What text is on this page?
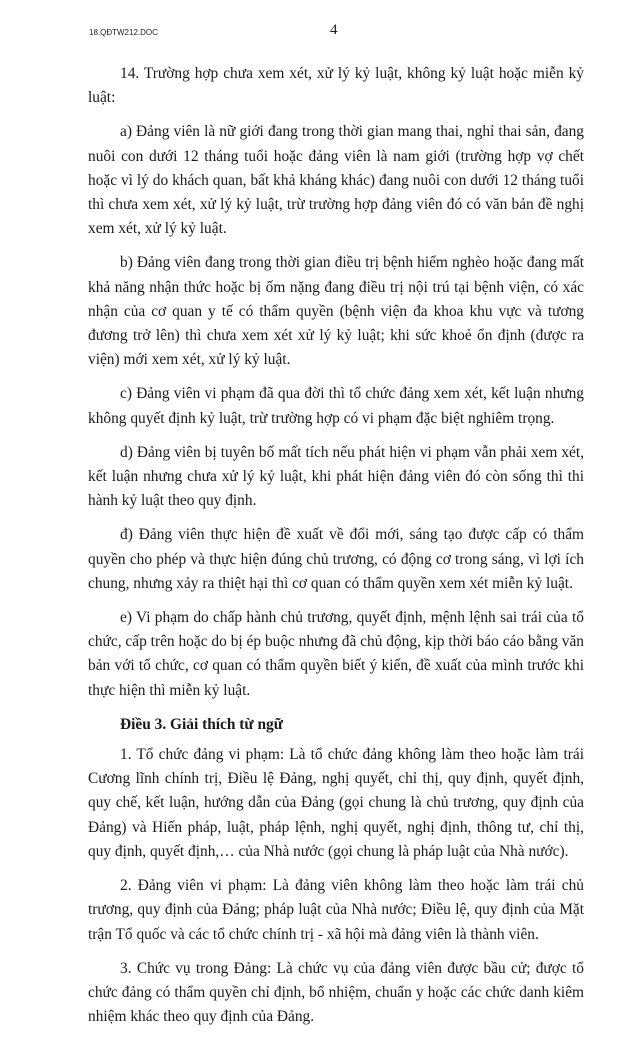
18.QĐTW212.DOC	4

14. Trường hợp chưa xem xét, xử lý kỷ luật, không kỷ luật hoặc miễn kỷ luật:

a) Đảng viên là nữ giới đang trong thời gian mang thai, nghỉ thai sản, đang nuôi con dưới 12 tháng tuổi hoặc đảng viên là nam giới (trường hợp vợ chết hoặc vì lý do khách quan, bất khả kháng khác) đang nuôi con dưới 12 tháng tuổi thì chưa xem xét, xử lý kỷ luật, trừ trường hợp đảng viên đó có văn bản đề nghị xem xét, xử lý kỷ luật.

b) Đảng viên đang trong thời gian điều trị bệnh hiểm nghèo hoặc đang mất khả năng nhận thức hoặc bị ốm nặng đang điều trị nội trú tại bệnh viện, có xác nhận của cơ quan y tế có thẩm quyền (bệnh viện đa khoa khu vực và tương đương trở lên) thì chưa xem xét xử lý kỷ luật; khi sức khoẻ ổn định (được ra viện) mới xem xét, xử lý kỷ luật.

c) Đảng viên vi phạm đã qua đời thì tổ chức đảng xem xét, kết luận nhưng không quyết định kỷ luật, trừ trường hợp có vi phạm đặc biệt nghiêm trọng.

d) Đảng viên bị tuyên bố mất tích nếu phát hiện vi phạm vẫn phải xem xét, kết luận nhưng chưa xử lý kỷ luật, khi phát hiện đảng viên đó còn sống thì thi hành kỷ luật theo quy định.

đ) Đảng viên thực hiện đề xuất về đổi mới, sáng tạo được cấp có thẩm quyền cho phép và thực hiện đúng chủ trương, có động cơ trong sáng, vì lợi ích chung, nhưng xảy ra thiệt hại thì cơ quan có thẩm quyền xem xét miễn kỷ luật.

e) Vi phạm do chấp hành chủ trương, quyết định, mệnh lệnh sai trái của tổ chức, cấp trên hoặc do bị ép buộc nhưng đã chủ động, kịp thời báo cáo bằng văn bản với tổ chức, cơ quan có thẩm quyền biết ý kiến, đề xuất của mình trước khi thực hiện thì miễn kỷ luật.

Điều 3. Giải thích từ ngữ

1. Tổ chức đảng vi phạm: Là tổ chức đảng không làm theo hoặc làm trái Cương lĩnh chính trị, Điều lệ Đảng, nghị quyết, chỉ thị, quy định, quyết định, quy chế, kết luận, hướng dẫn của Đảng (gọi chung là chủ trương, quy định của Đảng) và Hiến pháp, luật, pháp lệnh, nghị quyết, nghị định, thông tư, chỉ thị, quy định, quyết định,… của Nhà nước (gọi chung là pháp luật của Nhà nước).

2. Đảng viên vi phạm: Là đảng viên không làm theo hoặc làm trái chủ trương, quy định của Đảng; pháp luật của Nhà nước; Điều lệ, quy định của Mặt trận Tổ quốc và các tổ chức chính trị - xã hội mà đảng viên là thành viên.

3. Chức vụ trong Đảng: Là chức vụ của đảng viên được bầu cử; được tổ chức đảng có thẩm quyền chỉ định, bổ nhiệm, chuẩn y hoặc các chức danh kiêm nhiệm khác theo quy định của Đảng.
